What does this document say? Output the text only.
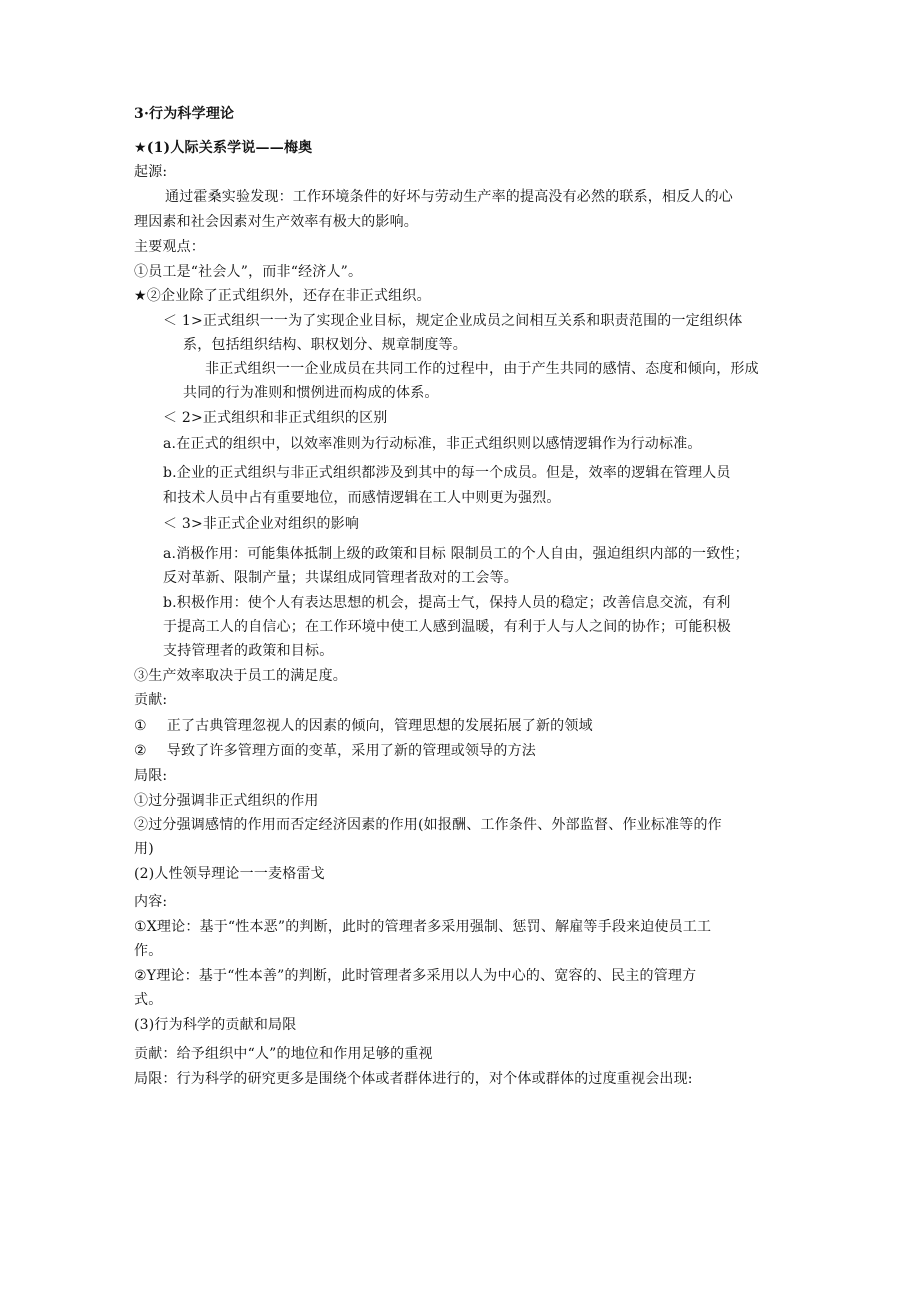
3·行为科学理论
★(1)人际关系学说——梅奥
起源:
通过霍桑实验发现：工作环境条件的好坏与劳动生产率的提高没有必然的联系，相反人的心
理因素和社会因素对生产效率有极大的影响。
主要观点：
①员工是“社会人”，而非“经济人”。
★②企业除了正式组织外，还存在非正式组织。
＜ 1>正式组织一一为了实现企业目标，规定企业成员之间相互关系和职责范围的一定组织体
系，包括组织结构、职权划分、规章制度等。
非正式组织一一企业成员在共同工作的过程中，由于产生共同的感情、态度和倾向，形成
共同的行为准则和惯例进而构成的体系。
＜ 2>正式组织和非正式组织的区别
a.在正式的组织中，以效率准则为行动标准，非正式组织则以感情逻辑作为行动标准。
b.企业的正式组织与非正式组织都涉及到其中的每一个成员。但是，效率的逻辑在管理人员
和技术人员中占有重要地位，而感情逻辑在工人中则更为强烈。
＜ 3>非正式企业对组织的影响
a.消极作用：可能集体抵制上级的政策和目标 限制员工的个人自由，强迫组织内部的一致性；
反对革新、限制产量；共谋组成同管理者敌对的工会等。
b.积极作用：使个人有表达思想的机会，提高士气，保持人员的稳定；改善信息交流，有利
于提高工人的自信心；在工作环境中使工人感到温暖，有利于人与人之间的协作；可能积极
支持管理者的政策和目标。
③生产效率取决于员工的满足度。
贡献:
① 正了古典管理忽视人的因素的倾向，管理思想的发展拓展了新的领域
② 导致了许多管理方面的变革，采用了新的管理或领导的方法
局限:
①过分强调非正式组织的作用
②过分强调感情的作用而否定经济因素的作用(如报酬、工作条件、外部监督、作业标准等的作
用)
(2)人性领导理论一一麦格雷戈
内容:
①X理论：基于“性本恶”的判断，此时的管理者多采用强制、惩罚、解雇等手段来迫使员工工
作。
②Y理论：基于“性本善”的判断，此时管理者多采用以人为中心的、宽容的、民主的管理方
式。
(3)行为科学的贡献和局限
贡献：给予组织中“人”的地位和作用足够的重视
局限：行为科学的研究更多是围绕个体或者群体进行的，对个体或群体的过度重视会出现:
